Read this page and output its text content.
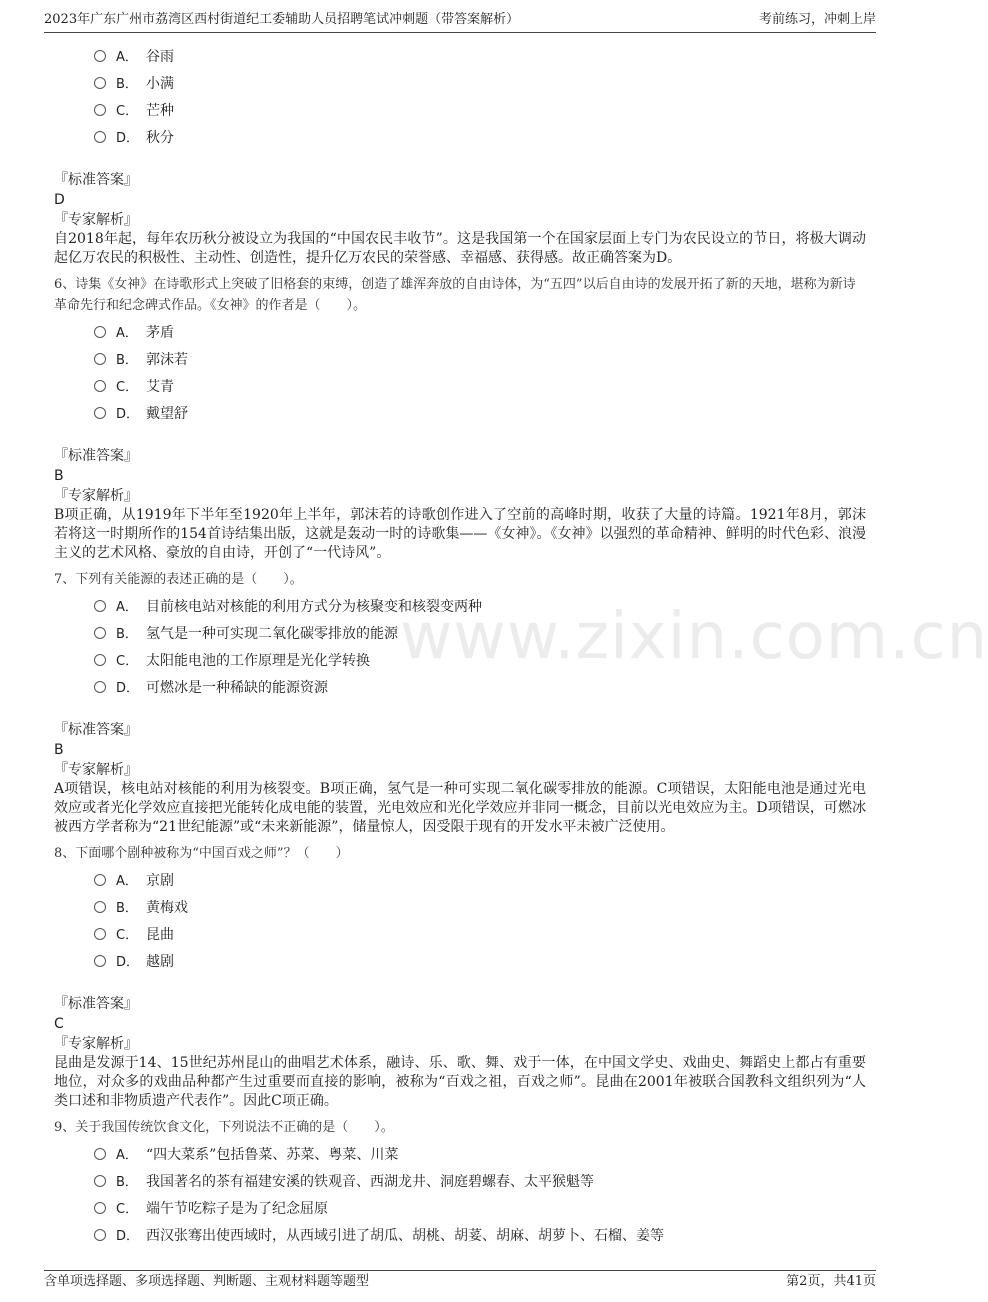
2023年广东广州市荔湾区西村街道纪工委辅助人员招聘笔试冲刺题（带答案解析）	考前练习，冲刺上岸
www.zixin.com.cn
A． 谷雨
B． 小满
C． 芒种
D． 秋分
『标准答案』
D
『专家解析』
自2018年起，每年农历秋分被设立为我国的“中国农民丰收节”。这是我国第一个在国家层面上专门为农民设立的节日，将极大调动起亿万农民的积极性、主动性、创造性，提升亿万农民的荣誉感、幸福感、获得感。故正确答案为D。
6、诗集《女神》在诗歌形式上突破了旧格套的束缚，创造了雄浑奔放的自由诗体，为“五四”以后自由诗的发展开拓了新的天地，堪称为新诗革命先行和纪念碑式作品。《女神》的作者是（　　）。
A． 茅盾
B． 郭沫若
C． 艾青
D． 戴望舒
『标准答案』
B
『专家解析』
B项正确，从1919年下半年至1920年上半年，郭沫若的诗歌创作进入了空前的高峰时期，收获了大量的诗篇。1921年8月，郭沫若将这一时期所作的154首诗结集出版，这就是轰动一时的诗歌集——《女神》。《女神》以强烈的革命精神、鲜明的时代色彩、浪漫主义的艺术风格、豪放的自由诗，开创了“一代诗风”。
7、下列有关能源的表述正确的是（　　）。
A． 目前核电站对核能的利用方式分为核聚变和核裂变两种
B． 氢气是一种可实现二氧化碳零排放的能源
C． 太阳能电池的工作原理是光化学转换
D． 可燃冰是一种稀缺的能源资源
『标准答案』
B
『专家解析』
A项错误，核电站对核能的利用为核裂变。B项正确，氢气是一种可实现二氧化碳零排放的能源。C项错误，太阳能电池是通过光电效应或者光化学效应直接把光能转化成电能的装置，光电效应和光化学效应并非同一概念，目前以光电效应为主。D项错误，可燃冰被西方学者称为“21世纪能源”或“未来新能源”，储量惊人，因受限于现有的开发水平未被广泛使用。
8、下面哪个剧种被称为“中国百戏之师”？（　　）
A． 京剧
B． 黄梅戏
C． 昆曲
D． 越剧
『标准答案』
C
『专家解析』
昆曲是发源于14、15世纪苏州昆山的曲唱艺术体系，融诗、乐、歌、舞、戏于一体，在中国文学史、戏曲史、舞蹈史上都占有重要地位，对众多的戏曲品种都产生过重要而直接的影响，被称为“百戏之祖，百戏之师”。昆曲在2001年被联合国教科文组织列为“人类口述和非物质遗产代表作”。因此C项正确。
9、关于我国传统饮食文化，下列说法不正确的是（　　）。
A． “四大菜系”包括鲁菜、苏菜、粤菜、川菜
B． 我国著名的茶有福建安溪的铁观音、西湖龙井、洞庭碧螺春、太平猴魁等
C． 端午节吃粽子是为了纪念屈原
D． 西汉张骞出使西域时，从西域引进了胡瓜、胡桃、胡荽、胡麻、胡萝卜、石榴、姜等
含单项选择题、多项选择题、判断题、主观材料题等题型	第2页，共41页
